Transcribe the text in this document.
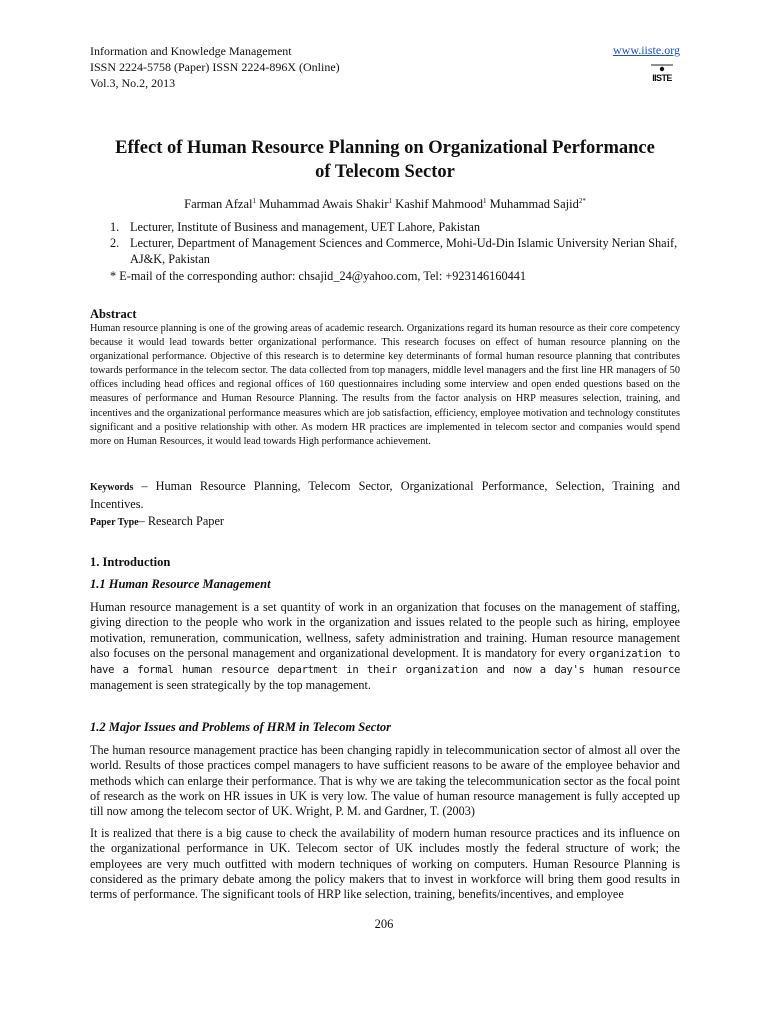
Information and Knowledge Management

ISSN 2224-5758 (Paper) ISSN 2224-896X (Online)

Vol.3, No.2, 2013

www.iiste.org
IISTE
Effect of Human Resource Planning on Organizational Performance
of Telecom Sector
Farman Afzal$^1$ Muhammad Awais Shakir$^1$ Kashif Mahmood$^1$ Muhammad Sajid$^{2*}$
1. Lecturer, Institute of Business and management, UET Lahore, Pakistan
2. Lecturer, Department of Management Sciences and Commerce, Mohi-Ud-Din Islamic University Nerian Shaif, AJ&K, Pakistan
* E-mail of the corresponding author: chsajid_24@yahoo.com, Tel: +923146160441
Abstract

Human resource planning is one of the growing areas of academic research. Organizations regard its human resource as their core competency because it would lead towards better organizational performance. This research focuses on effect of human resource planning on the organizational performance. Objective of this research is to determine key determinants of formal human resource planning that contributes towards performance in the telecom sector. The data collected from top managers, middle level managers and the first line HR managers of 50 offices including head offices and regional offices of 160 questionnaires including some interview and open ended questions based on the measures of performance and Human Resource Planning. The results from the factor analysis on HRP measures selection, training, and incentives and the organizational performance measures which are job satisfaction, efficiency, employee motivation and technology constitutes significant and a positive relationship with other. As modern HR practices are implemented in telecom sector and companies would spend more on Human Resources, it would lead towards High performance achievement.

Keywords – Human Resource Planning, Telecom Sector, Organizational Performance, Selection, Training and Incentives.
Paper Type– Research Paper
1. Introduction
1.1 Human Resource Management

Human resource management is a set quantity of work in an organization that focuses on the management of staffing, giving direction to the people who work in the organization and issues related to the people such as hiring, employee motivation, remuneration, communication, wellness, safety administration and training. Human resource management also focuses on the personal management and organizational development. It is mandatory for every organization to have a formal human resource department in their organization and now a day's human resource management is seen strategically by the top management.

1.2 Major Issues and Problems of HRM in Telecom Sector

The human resource management practice has been changing rapidly in telecommunication sector of almost all over the world. Results of those practices compel managers to have sufficient reasons to be aware of the employee behavior and methods which can enlarge their performance. That is why we are taking the telecommunication sector as the focal point of research as the work on HR issues in UK is very low. The value of human resource management is fully accepted up till now among the telecom sector of UK. Wright, P. M. and Gardner, T. (2003)

It is realized that there is a big cause to check the availability of modern human resource practices and its influence on the organizational performance in UK. Telecom sector of UK includes mostly the federal structure of work; the employees are very much outfitted with modern techniques of working on computers. Human Resource Planning is considered as the primary debate among the policy makers that to invest in workforce will bring them good results in terms of performance. The significant tools of HRP like selection, training, benefits/incentives, and employee

206
